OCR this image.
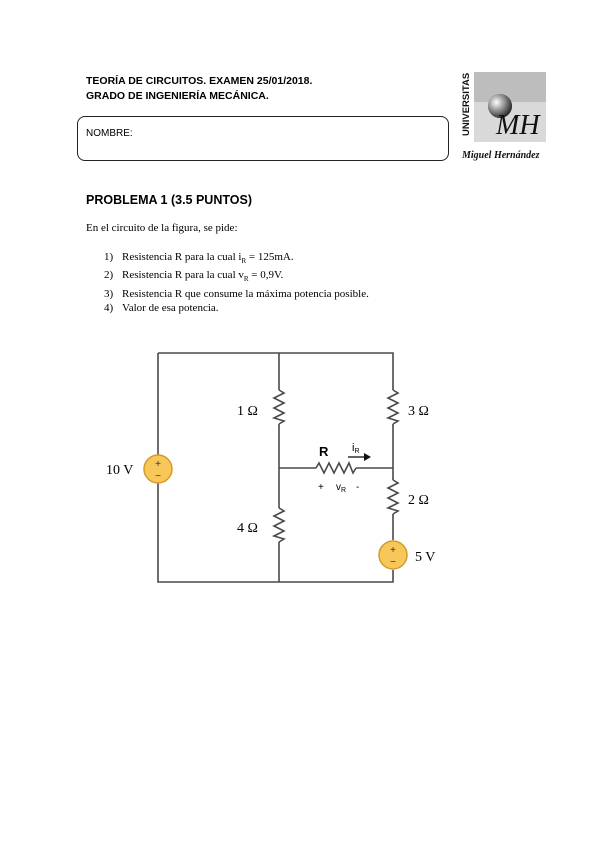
TEORÍA DE CIRCUITOS. EXAMEN 25/01/2018.
GRADO DE INGENIERÍA MECÁNICA.
NOMBRE:	UNIVERSITAS MH
Miguel Hernández
PROBLEMA 1 (3.5 PUNTOS)
En el circuito de la figura, se pide:
1) Resistencia R para la cual $i_R = 125mA$.
2) Resistencia R para la cual $v_R = 0,9V$.
3) Resistencia R que consume la máxima potencia posible.
4) Valor de esa potencia.
+
−
+
−
10 V
5 V
1 Ω	3 Ω
4 Ω
2 Ω
R iR
+ $v_R$ -
